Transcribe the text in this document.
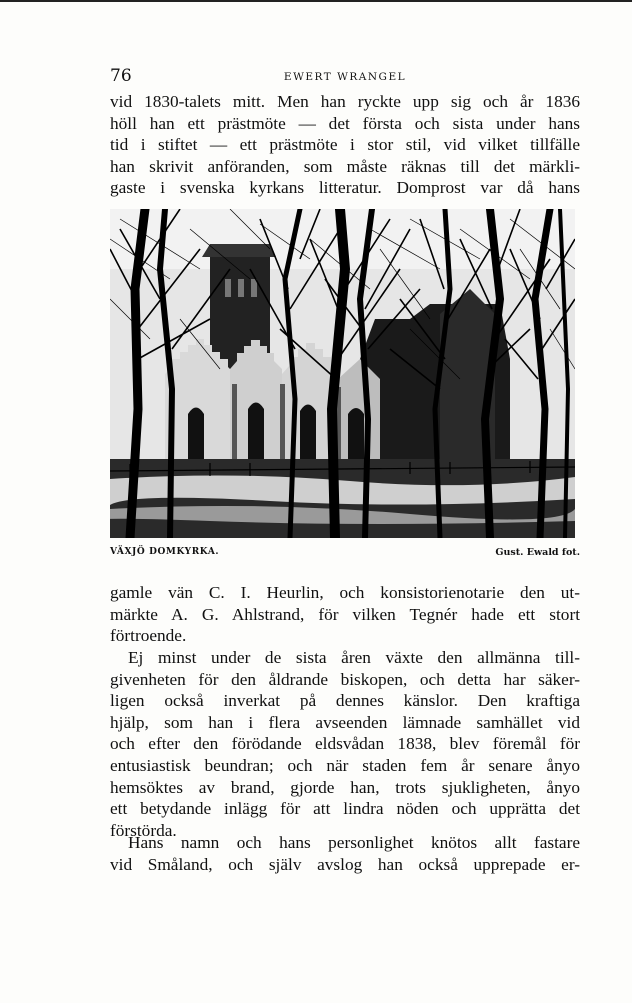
76	EWERT WRANGEL
vid 1830-talets mitt. Men han ryckte upp sig och år 1836
höll han ett prästmöte — det första och sista under hans
tid i stiftet — ett prästmöte i stor stil, vid vilket tillfälle
han skrivit anföranden, som måste räknas till det märkli-
gaste i svenska kyrkans litteratur. Domprost var då hans
VÄXJÖ DOMKYRKA.	Gust. Ewald fot.
gamle vän C. I. Heurlin, och konsistorienotarie den ut-
märkte A. G. Ahlstrand, för vilken Tegnér hade ett stort
förtroende.
Ej minst under de sista åren växte den allmänna till-
givenheten för den åldrande biskopen, och detta har säker-
ligen också inverkat på dennes känslor. Den kraftiga
hjälp, som han i flera avseenden lämnade samhället vid
och efter den förödande eldsvådan 1838, blev föremål för
entusiastisk beundran; och när staden fem år senare ånyo
hemsöktes av brand, gjorde han, trots sjukligheten, ånyo
ett betydande inlägg för att lindra nöden och upprätta det
förstörda.
Hans namn och hans personlighet knötos allt fastare
vid Småland, och själv avslog han också upprepade er-
